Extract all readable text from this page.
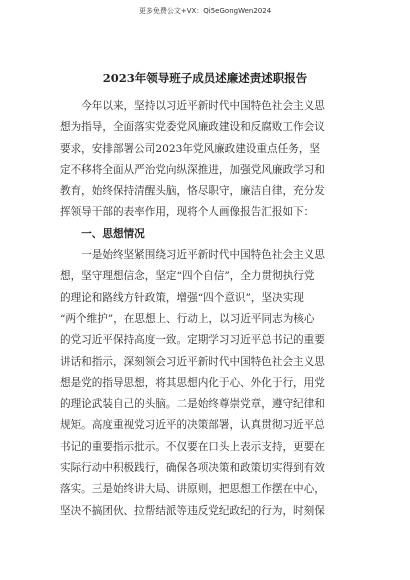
更多免费公文+VX：Qi5eGongWen2024
2023年领导班子成员述廉述责述职报告
　　今年以来，坚持以习近平新时代中国特色社会主义思
想为指导，全面落实党委党风廉政建设和反腐败工作会议
要求，安排部署公司2023年党风廉政建设重点任务，坚
定不移将全面从严治党向纵深推进，加强党风廉政学习和
教育，始终保持清醒头脑，恪尽职守，廉洁自律，充分发
挥领导干部的表率作用，现将个人画像报告汇报如下：
　　一、思想情况
　　一是始终坚紧围绕习近平新时代中国特色社会主义思
想，坚守理想信念，坚定“四个自信”，全力贯彻执行党
的理论和路线方针政策，增强“四个意识”，坚决实现
“两个维护”，在思想上、行动上，以习近平同志为核心
的党习近平保持高度一致。定期学习习近平总书记的重要
讲话和指示，深刻领会习近平新时代中国特色社会主义思
想是党的指导思想，将其思想内化于心、外化于行，用党
的理论武装自己的头脑。二是始终尊崇党章，遵守纪律和
规矩。高度重视党习近平的决策部署，认真贯彻习近平总
书记的重要指示批示。不仅要在口头上表示支持，更要在
实际行动中积极践行，确保各项决策和政策切实得到有效
落实。三是始终讲大局、讲原则，把思想工作摆在中心，
坚决不搞团伙、拉帮结派等违反党纪政纪的行为，时刻保
